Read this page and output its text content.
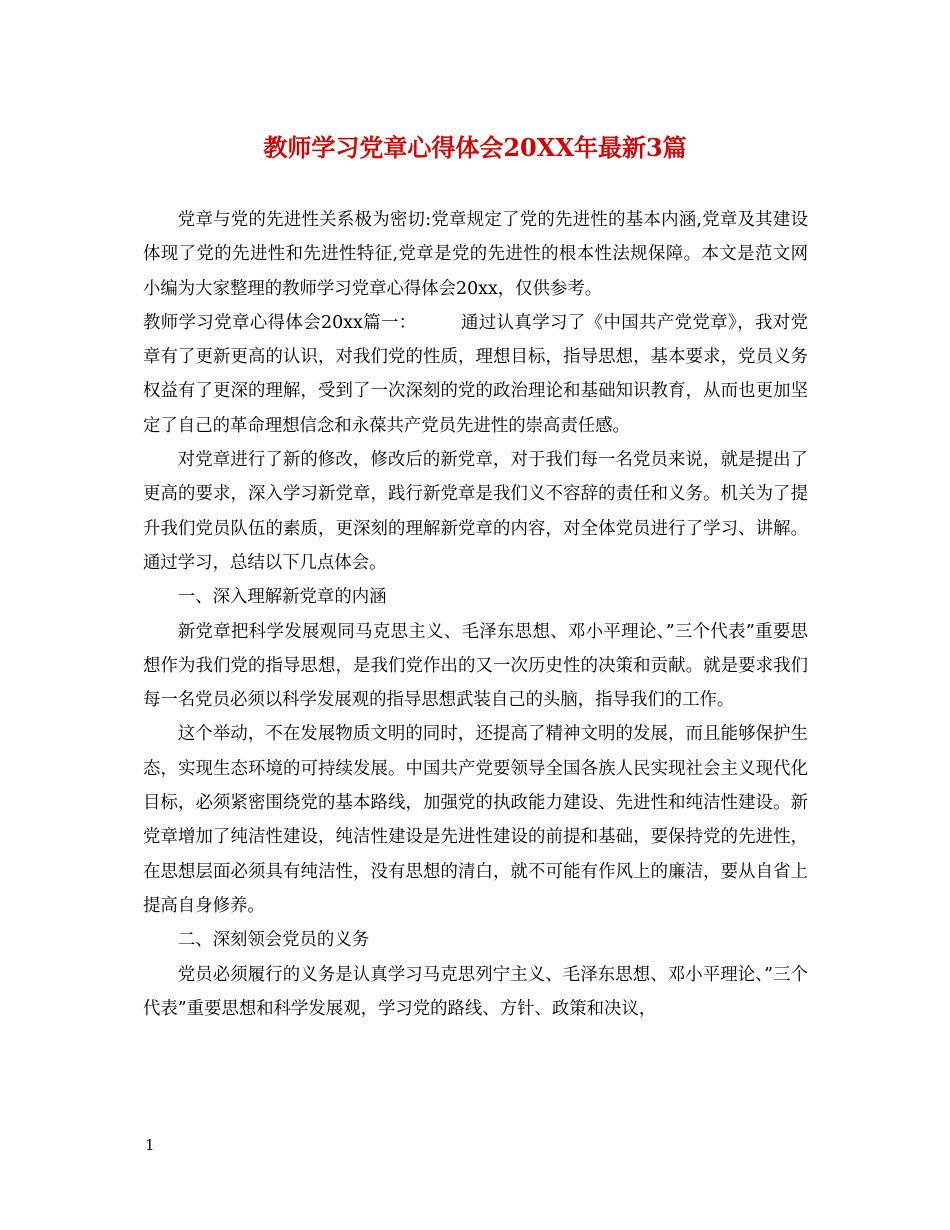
教师学习党章心得体会20XX年最新3篇

党章与党的先进性关系极为密切:党章规定了党的先进性的基本内涵,党章及其建设体现了党的先进性和先进性特征,党章是党的先进性的根本性法规保障。本文是范文网小编为大家整理的教师学习党章心得体会20xx，仅供参考。

教师学习党章心得体会20xx篇一：	通过认真学习了《中国共产党党章》，我对党章有了更新更高的认识，对我们党的性质，理想目标，指导思想，基本要求，党员义务权益有了更深的理解，受到了一次深刻的党的政治理论和基础知识教育，从而也更加坚定了自己的革命理想信念和永葆共产党员先进性的崇高责任感。

对党章进行了新的修改，修改后的新党章，对于我们每一名党员来说，就是提出了更高的要求，深入学习新党章，践行新党章是我们义不容辞的责任和义务。机关为了提升我们党员队伍的素质，更深刻的理解新党章的内容，对全体党员进行了学习、讲解。通过学习，总结以下几点体会。

一、深入理解新党章的内涵

新党章把科学发展观同马克思主义、毛泽东思想、邓小平理论、”三个代表”重要思想作为我们党的指导思想，是我们党作出的又一次历史性的决策和贡献。就是要求我们每一名党员必须以科学发展观的指导思想武装自己的头脑，指导我们的工作。

这个举动，不在发展物质文明的同时，还提高了精神文明的发展，而且能够保护生态，实现生态环境的可持续发展。中国共产党要领导全国各族人民实现社会主义现代化目标，必须紧密围绕党的基本路线，加强党的执政能力建设、先进性和纯洁性建设。新党章增加了纯洁性建设，纯洁性建设是先进性建设的前提和基础，要保持党的先进性，在思想层面必须具有纯洁性，没有思想的清白，就不可能有作风上的廉洁，要从自省上提高自身修养。

二、深刻领会党员的义务

党员必须履行的义务是认真学习马克思列宁主义、毛泽东思想、邓小平理论、”三个代表”重要思想和科学发展观，学习党的路线、方针、政策和决议，

1
